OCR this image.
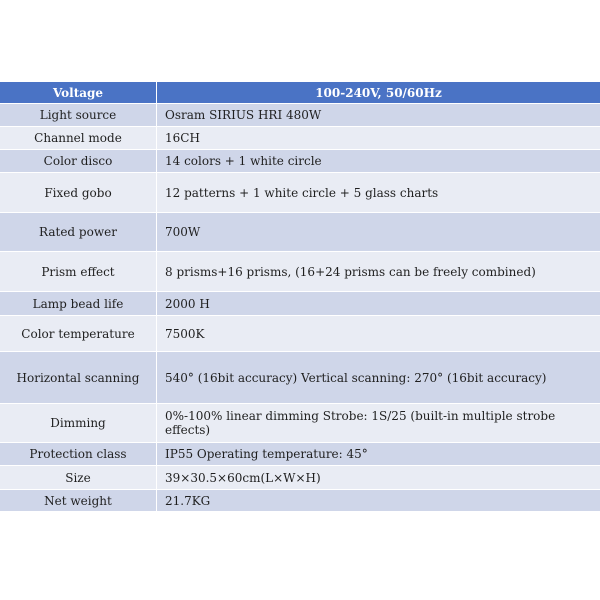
Voltage	100-240V, 50/60Hz
Light source	Osram SIRIUS HRI 480W
Channel mode	16CH
Color disco	14 colors + 1 white circle
Fixed gobo	12 patterns + 1 white circle + 5 glass charts
Rated power	700W
Prism effect	8 prisms+16 prisms, (16+24 prisms can be freely combined)
Lamp bead life	2000 H
Color temperature	7500K
Horizontal scanning	540° (16bit accuracy) Vertical scanning: 270° (16bit accuracy)
Dimming	0%-100% linear dimming Strobe: 1S/25 (built-in multiple strobe effects)
Protection class	IP55 Operating temperature: 45°
Size	39×30.5×60cm(L×W×H)
Net weight	21.7KG
